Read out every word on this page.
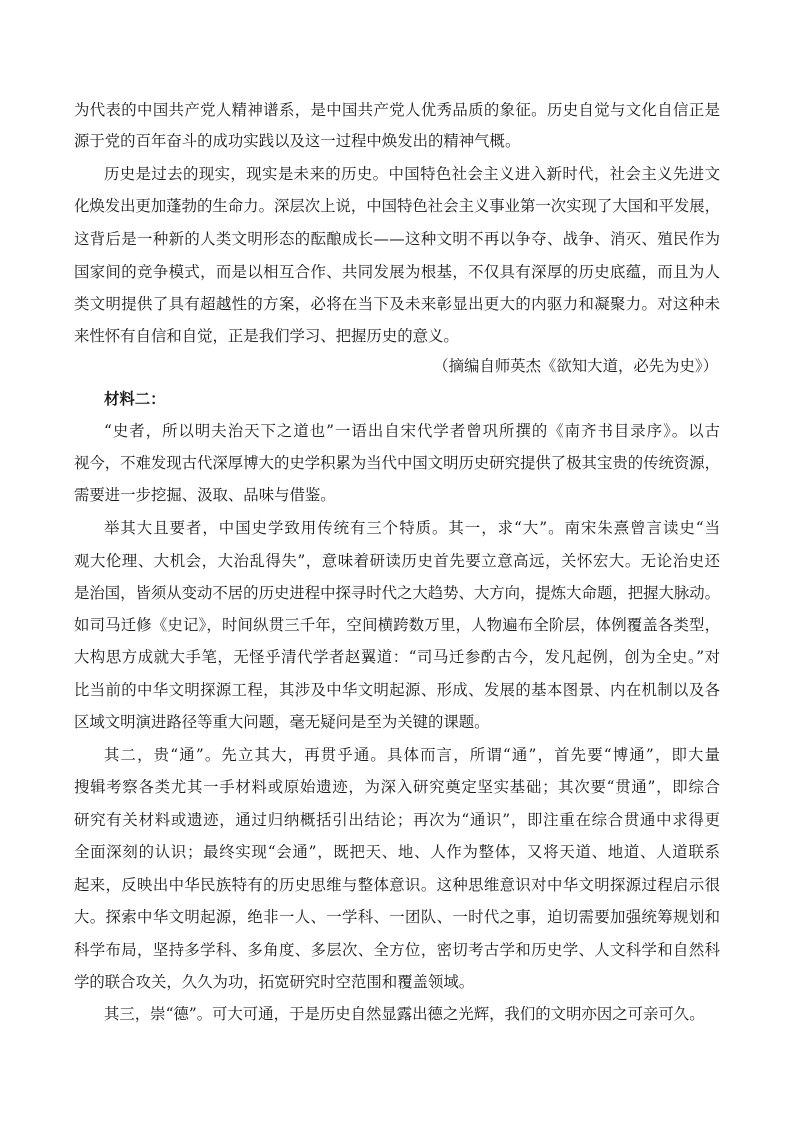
为代表的中国共产党人精神谱系，是中国共产党人优秀品质的象征。历史自觉与文化自信正是

源于党的百年奋斗的成功实践以及这一过程中焕发出的精神气概。

历史是过去的现实，现实是未来的历史。中国特色社会主义进入新时代，社会主义先进文

化焕发出更加蓬勃的生命力。深层次上说，中国特色社会主义事业第一次实现了大国和平发展，

这背后是一种新的人类文明形态的酝酿成长——这种文明不再以争夺、战争、消灭、殖民作为

国家间的竞争模式，而是以相互合作、共同发展为根基，不仅具有深厚的历史底蕴，而且为人

类文明提供了具有超越性的方案，必将在当下及未来彰显出更大的内驱力和凝聚力。对这种未

来性怀有自信和自觉，正是我们学习、把握历史的意义。

（摘编自师英杰《欲知大道，必先为史》）
材料二：

“史者，所以明夫治天下之道也”一语出自宋代学者曾巩所撰的《南齐书目录序》。以古

视今，不难发现古代深厚博大的史学积累为当代中国文明历史研究提供了极其宝贵的传统资源，

需要进一步挖掘、汲取、品味与借鉴。

举其大且要者，中国史学致用传统有三个特质。其一，求“大”。南宋朱熹曾言读史“当

观大伦理、大机会，大治乱得失”，意味着研读历史首先要立意高远，关怀宏大。无论治史还

是治国，皆须从变动不居的历史进程中探寻时代之大趋势、大方向，提炼大命题，把握大脉动。

如司马迁修《史记》，时间纵贯三千年，空间横跨数万里，人物遍布全阶层，体例覆盖各类型，

大构思方成就大手笔，无怪乎清代学者赵翼道：“司马迁参酌古今，发凡起例，创为全史。”对

比当前的中华文明探源工程，其涉及中华文明起源、形成、发展的基本图景、内在机制以及各

区域文明演进路径等重大问题，毫无疑问是至为关键的课题。

其二，贵“通”。先立其大，再贯乎通。具体而言，所谓“通”，首先要“博通”，即大量

搜辑考察各类尤其一手材料或原始遗迹，为深入研究奠定坚实基础；其次要“贯通”，即综合

研究有关材料或遗迹，通过归纳概括引出结论；再次为“通识”，即注重在综合贯通中求得更

全面深刻的认识；最终实现“会通”，既把天、地、人作为整体，又将天道、地道、人道联系

起来，反映出中华民族特有的历史思维与整体意识。这种思维意识对中华文明探源过程启示很

大。探索中华文明起源，绝非一人、一学科、一团队、一时代之事，迫切需要加强统筹规划和

科学布局，坚持多学科、多角度、多层次、全方位，密切考古学和历史学、人文科学和自然科

学的联合攻关，久久为功，拓宽研究时空范围和覆盖领域。

其三，崇“德”。可大可通，于是历史自然显露出德之光辉，我们的文明亦因之可亲可久。
